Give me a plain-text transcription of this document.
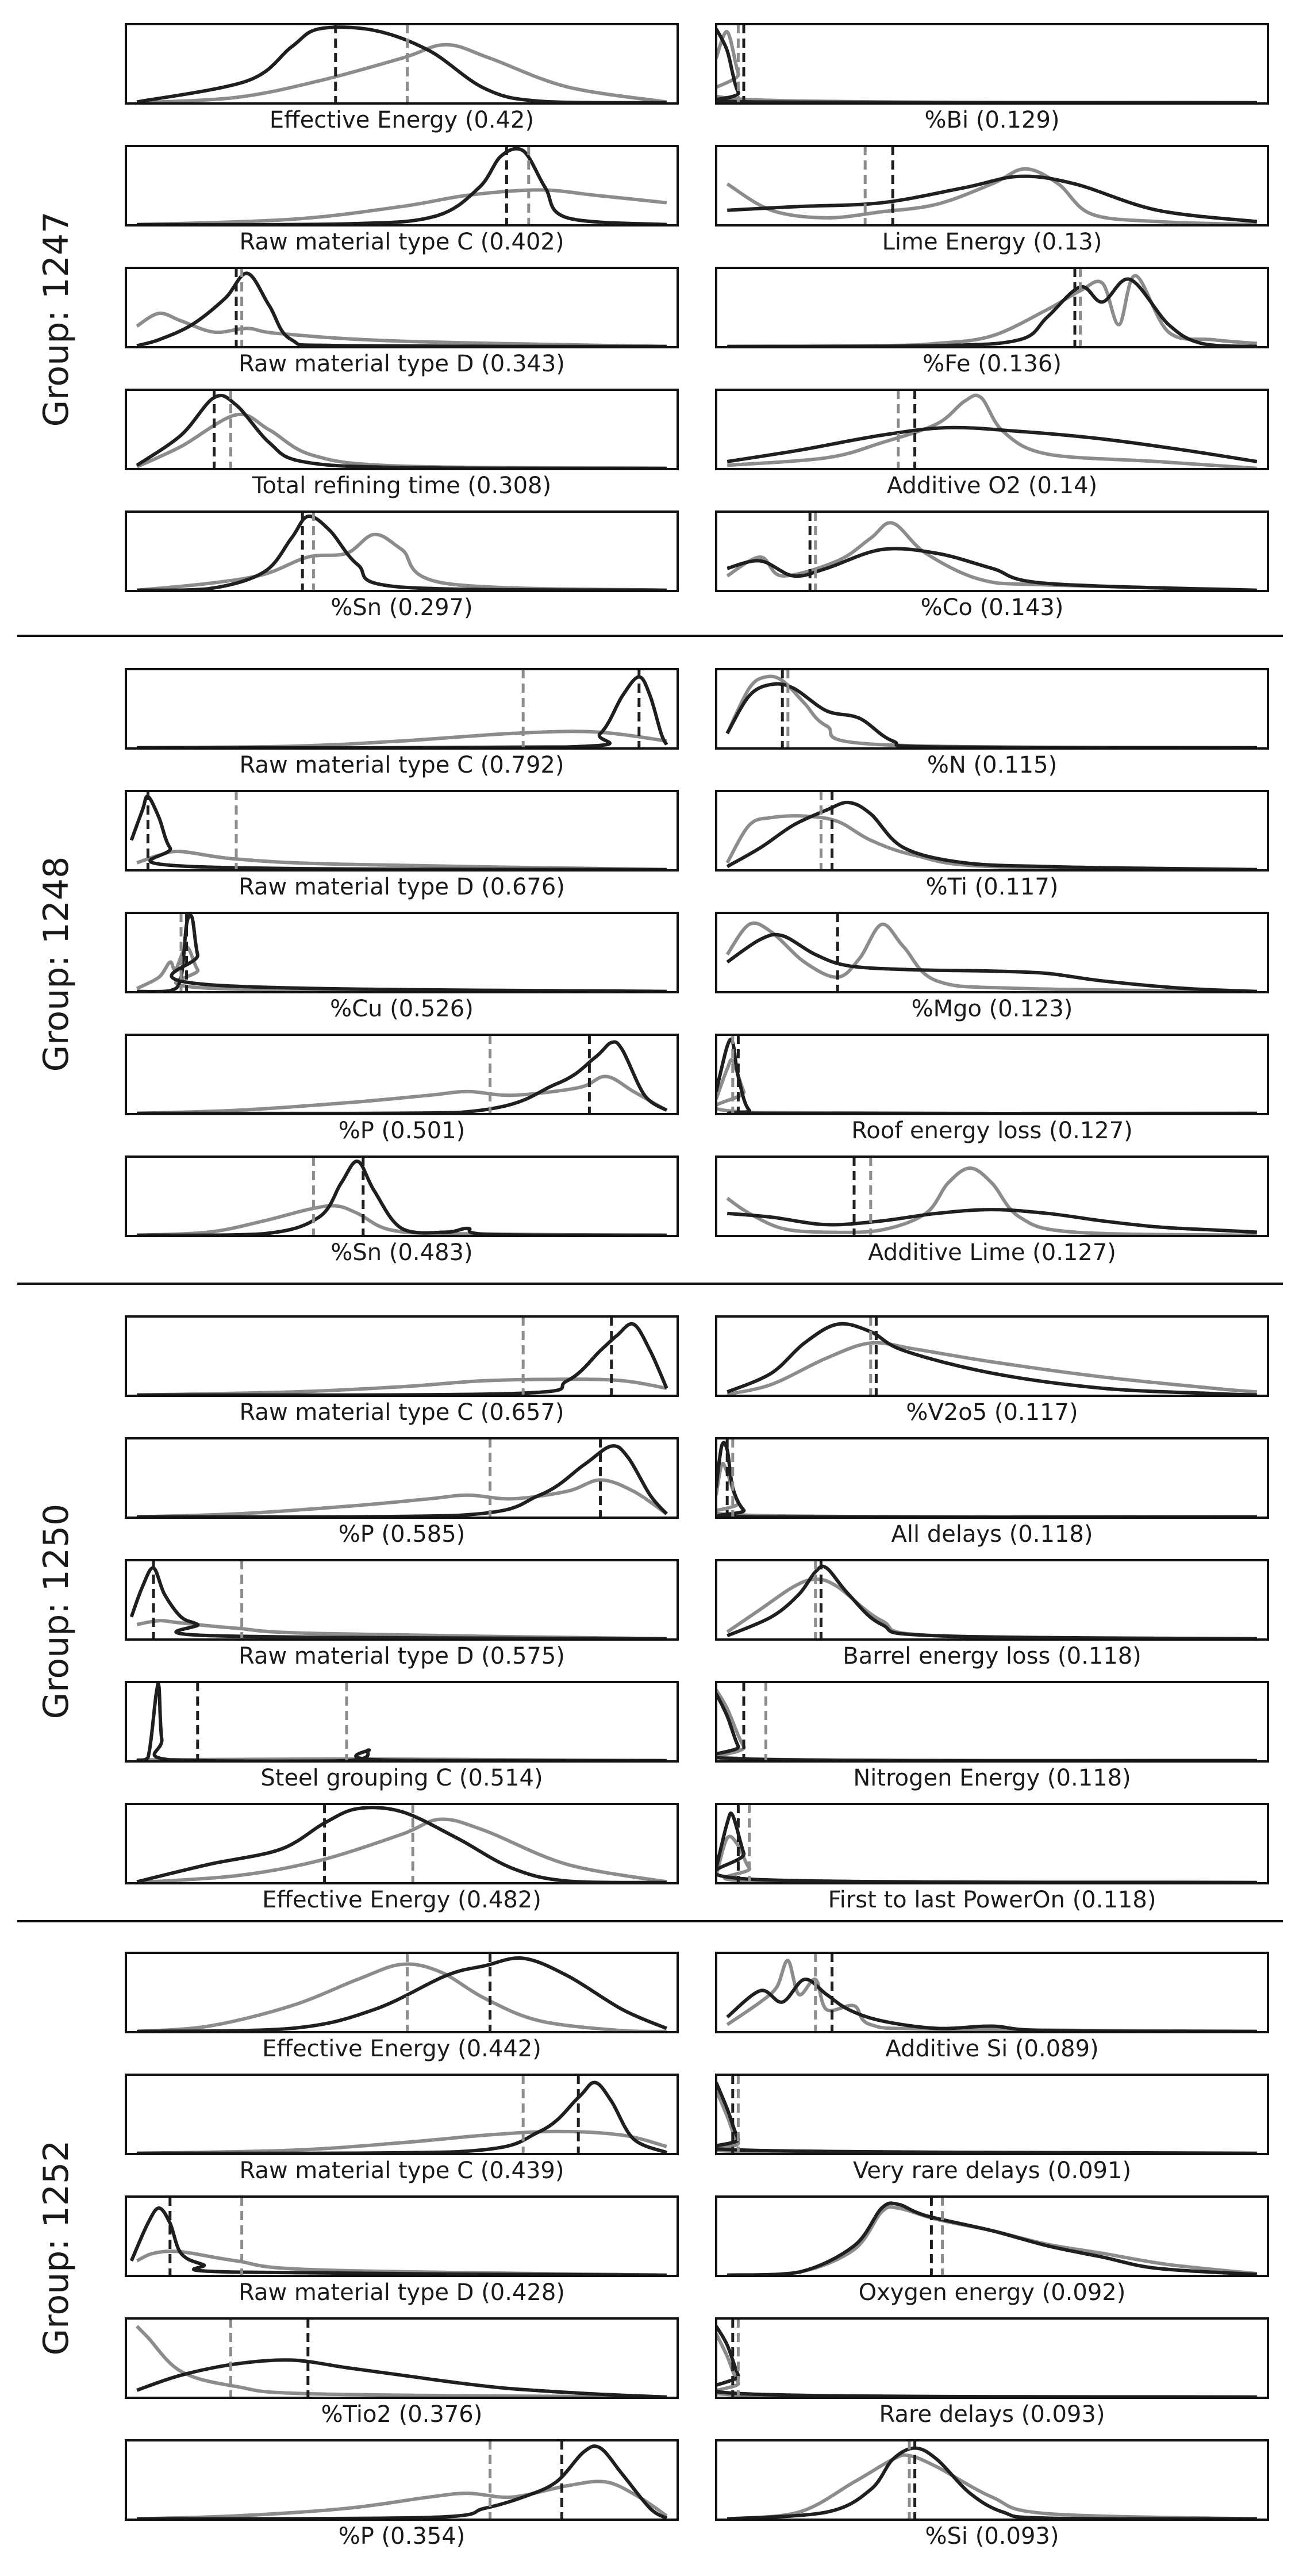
Effective Energy (0.42)
Raw material type C (0.402)
Raw material type D (0.343)
Total refining time (0.308)
%Sn (0.297)
%Bi (0.129)
Lime Energy (0.13)
%Fe (0.136)
Additive O2 (0.14)
%Co (0.143)
Group: 1247
Raw material type C (0.792)
Raw material type D (0.676)
%Cu (0.526)
%P (0.501)
%Sn (0.483)
%N (0.115)
%Ti (0.117)
%Mgo (0.123)
Roof energy loss (0.127)
Additive Lime (0.127)
Group: 1248
Raw material type C (0.657)
%P (0.585)
Raw material type D (0.575)
Steel grouping C (0.514)
Effective Energy (0.482)
%V2o5 (0.117)
All delays (0.118)
Barrel energy loss (0.118)
Nitrogen Energy (0.118)
First to last PowerOn (0.118)
Group: 1250
Effective Energy (0.442)
Raw material type C (0.439)
Raw material type D (0.428)
%Tio2 (0.376)
%P (0.354)
Additive Si (0.089)
Very rare delays (0.091)
Oxygen energy (0.092)
Rare delays (0.093)
%Si (0.093)
Group: 1252
